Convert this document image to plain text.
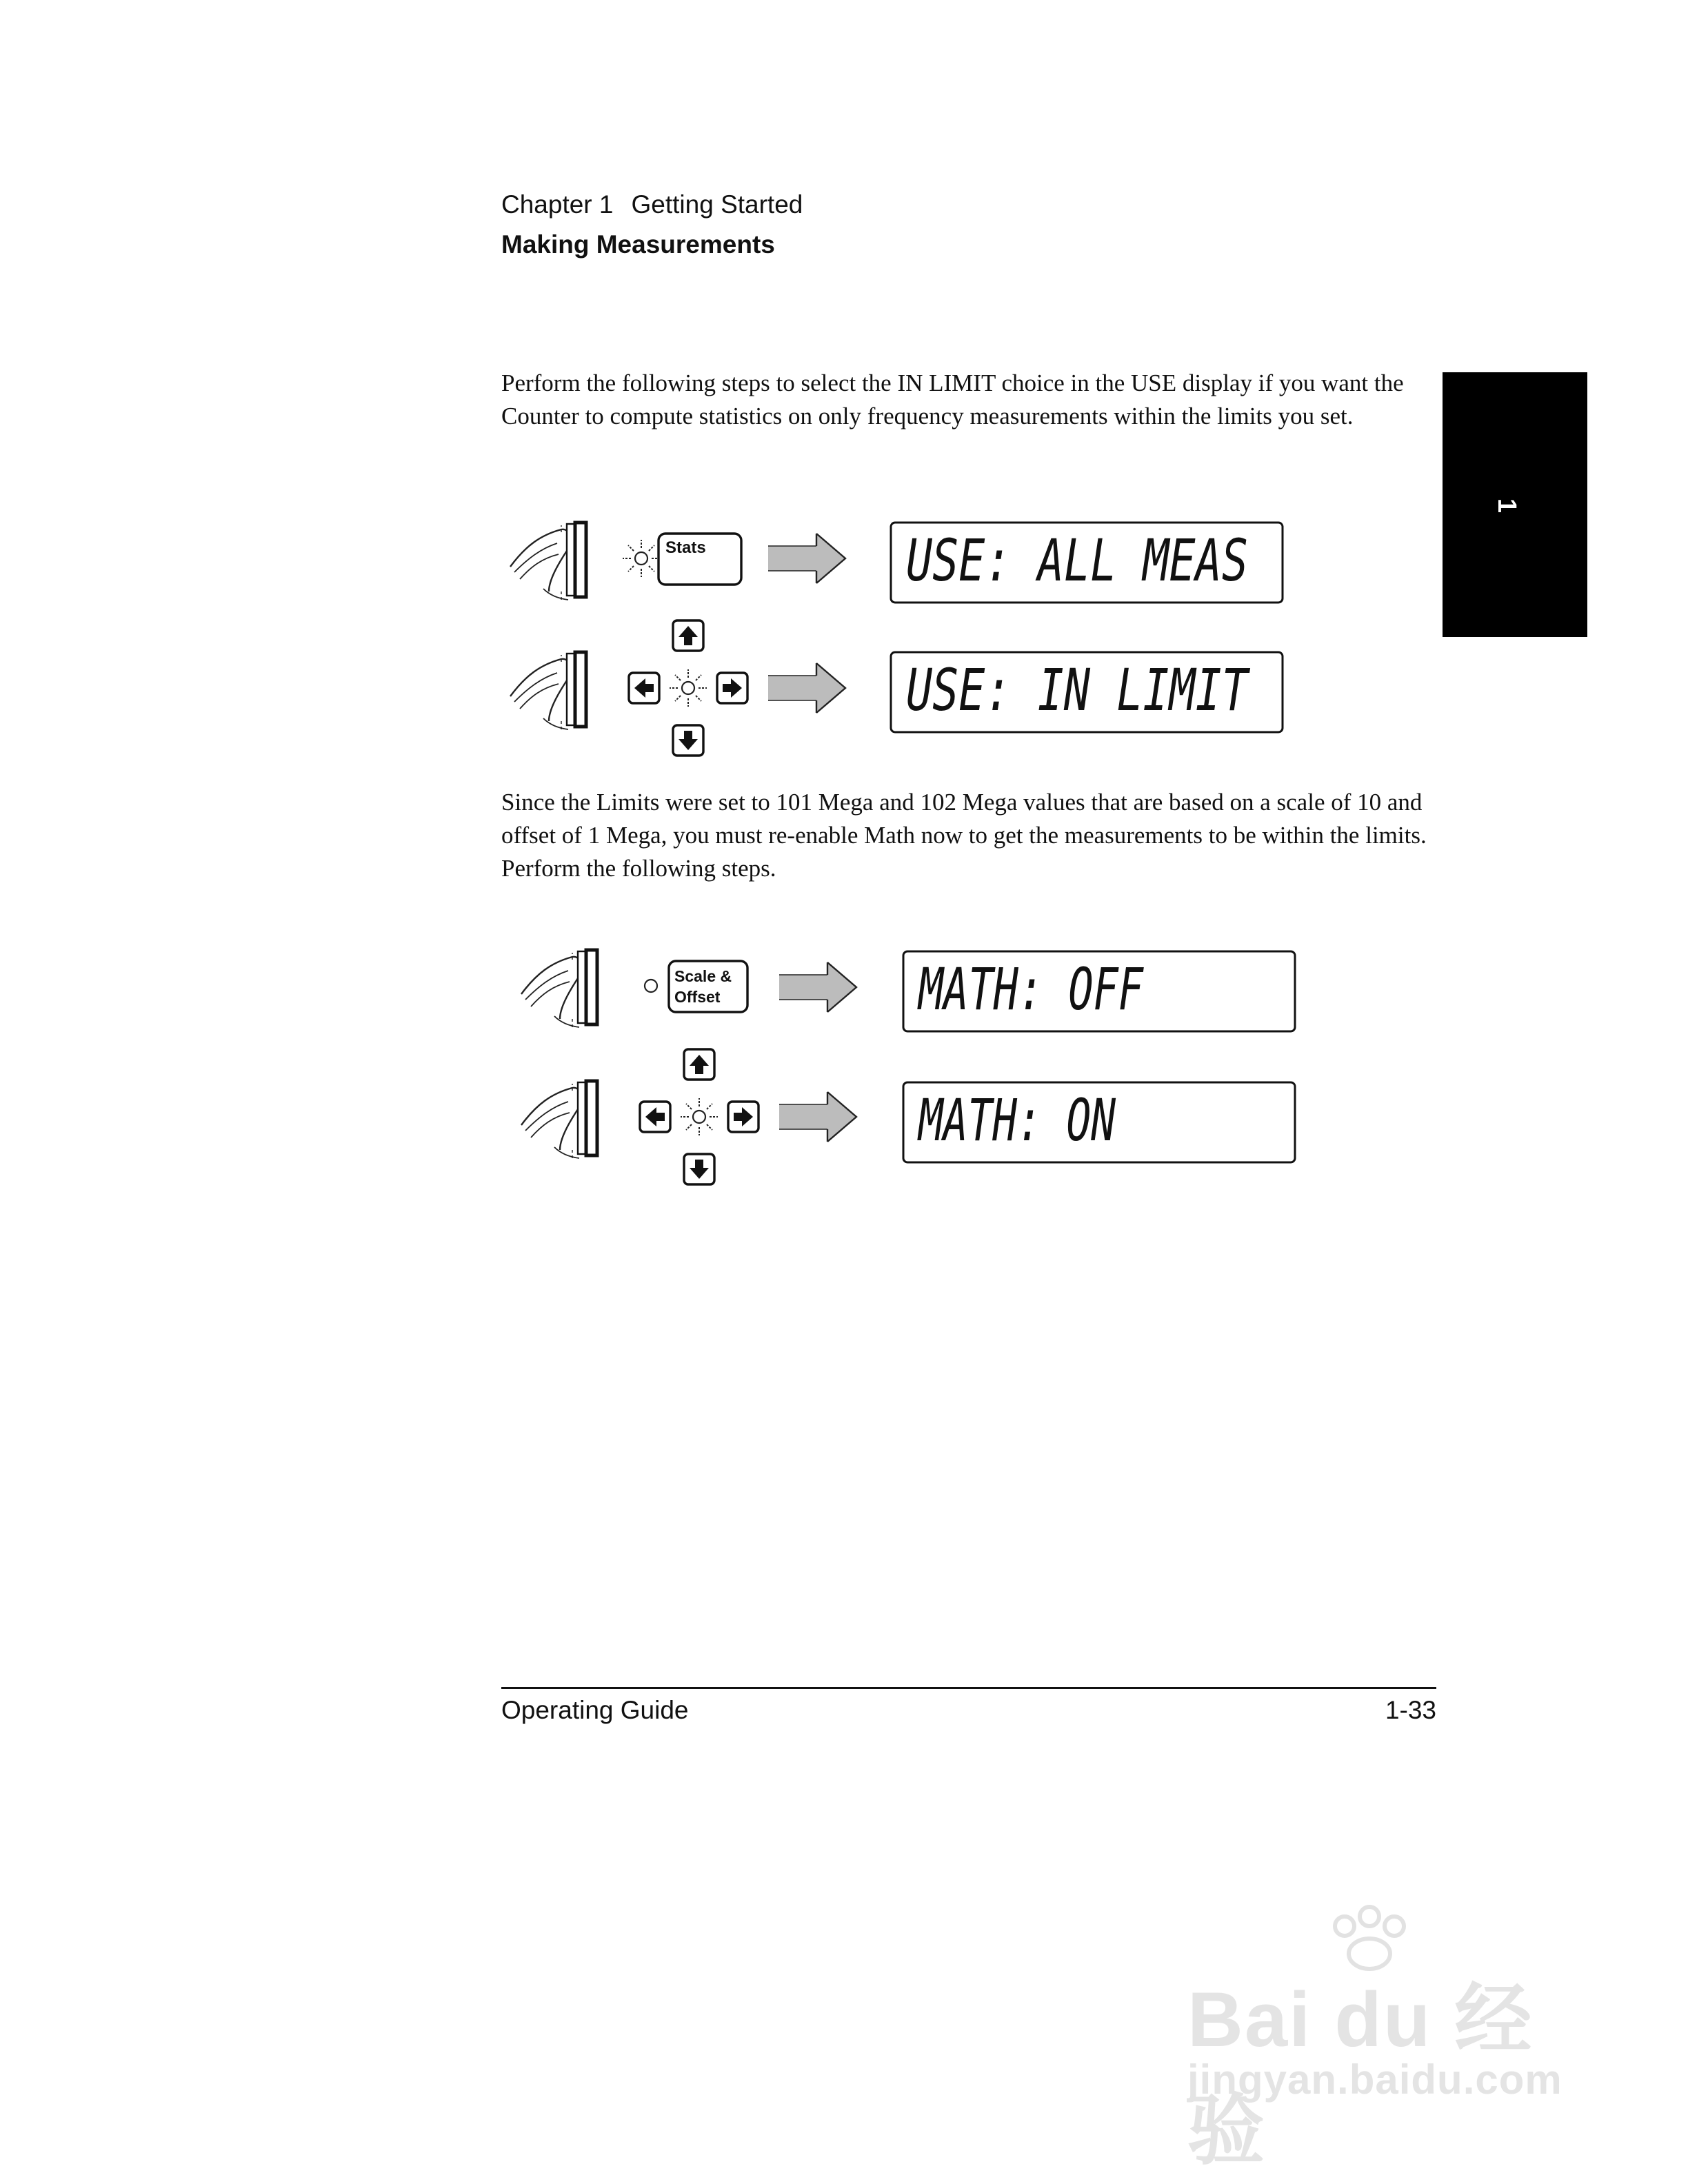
Chapter 1 Getting Started
Making Measurements
1

Perform the following steps to select the IN LIMIT choice in the USE display if you want the Counter to compute statistics on only frequency measurements within the limits you set.

Since the Limits were set to 101 Mega and 102 Mega values that are based on a scale of 10 and offset of 1 Mega, you must re-enable Math now to get the measurements to be within the limits. Perform the following steps.

Stats	USE: ALL MEAS
USE: IN LIMIT
Scale &
Offset	MATH: OFF
MATH: ON
Operating Guide	1-33
Bai du 经验
jingyan.baidu.com
